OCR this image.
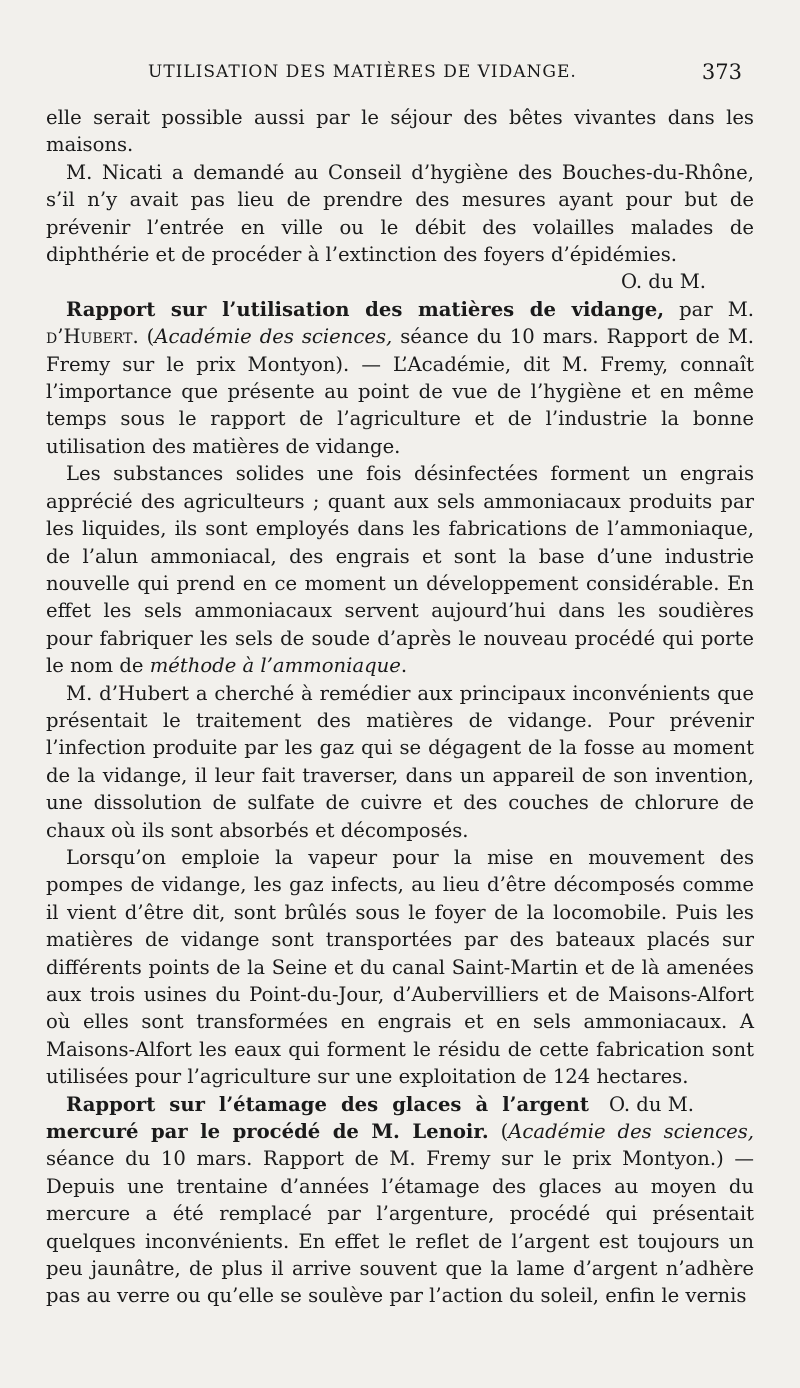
UTILISATION DES MATIÈRES DE VIDANGE.	373

elle serait possible aussi par le séjour des bêtes vivantes dans les maisons.

M. Nicati a demandé au Conseil d’hygiène des Bouches-du-Rhône, s’il n’y avait pas lieu de prendre des mesures ayant pour but de prévenir l’entrée en ville ou le débit des volailles malades de diphthérie et de procéder à l’extinction des foyers d’épidémies.
O. du M.

Rapport sur l’utilisation des matières de vidange, par M. d’Hubert. (Académie des sciences, séance du 10 mars. Rapport de M. Fremy sur le prix Montyon). — L’Académie, dit M. Fremy, connaît l’importance que présente au point de vue de l’hygiène et en même temps sous le rapport de l’agriculture et de l’industrie la bonne utilisation des matières de vidange.

Les substances solides une fois désinfectées forment un engrais apprécié des agriculteurs ; quant aux sels ammoniacaux produits par les liquides, ils sont employés dans les fabrications de l’ammoniaque, de l’alun ammoniacal, des engrais et sont la base d’une industrie nouvelle qui prend en ce moment un développement considérable. En effet les sels ammoniacaux servent aujourd’hui dans les soudières pour fabriquer les sels de soude d’après le nouveau procédé qui porte le nom de méthode à l’ammoniaque.

M. d’Hubert a cherché à remédier aux principaux inconvénients que présentait le traitement des matières de vidange. Pour prévenir l’infection produite par les gaz qui se dégagent de la fosse au moment de la vidange, il leur fait traverser, dans un appareil de son invention, une dissolution de sulfate de cuivre et des couches de chlorure de chaux où ils sont absorbés et décomposés.

Lorsqu’on emploie la vapeur pour la mise en mouvement des pompes de vidange, les gaz infects, au lieu d’être décomposés comme il vient d’être dit, sont brûlés sous le foyer de la locomobile. Puis les matières de vidange sont transportées par des bateaux placés sur différents points de la Seine et du canal Saint-Martin et de là amenées aux trois usines du Point-du-Jour, d’Aubervilliers et de Maisons-Alfort où elles sont transformées en engrais et en sels ammoniacaux. A Maisons-Alfort les eaux qui forment le résidu de cette fabrication sont utilisées pour l’agriculture sur une exploitation de 124 hectares.
O. du M.

Rapport sur l’étamage des glaces à l’argent mercuré par le procédé de M. Lenoir. (Académie des sciences, séance du 10 mars. Rapport de M. Fremy sur le prix Montyon.) — Depuis une trentaine d’années l’étamage des glaces au moyen du mercure a été remplacé par l’argenture, procédé qui présentait quelques inconvénients. En effet le reflet de l’argent est toujours un peu jaunâtre, de plus il arrive souvent que la lame d’argent n’adhère pas au verre ou qu’elle se soulève par l’action du soleil, enfin le vernis
